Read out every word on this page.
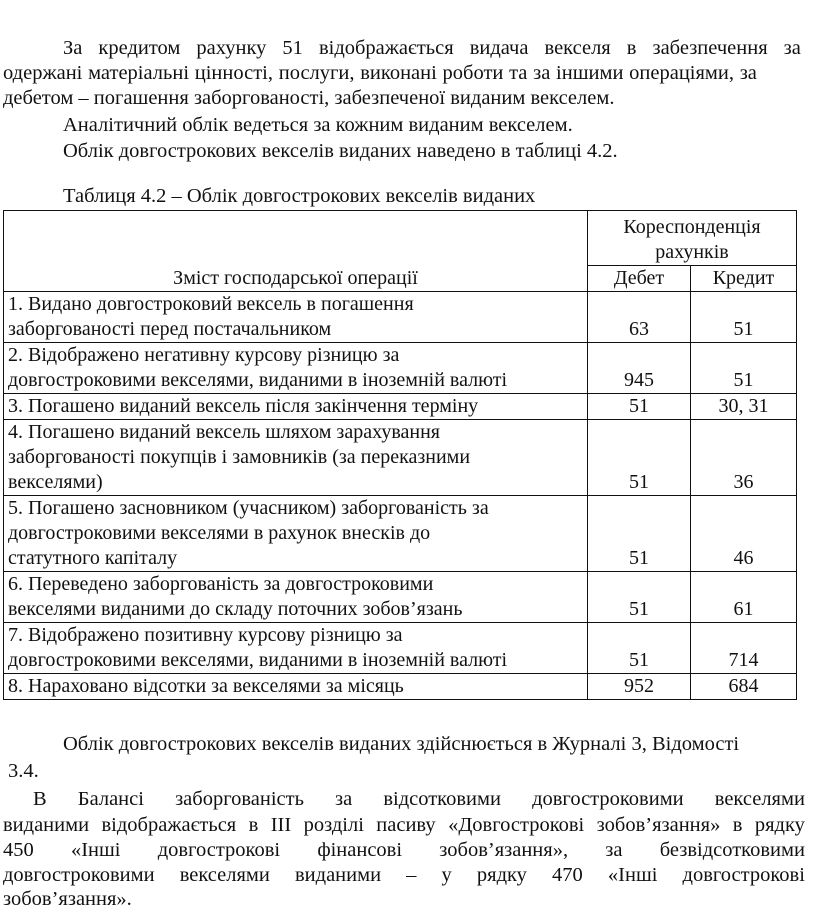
За кредитом рахунку 51 відображається видача векселя в забезпечення за
одержані матеріальні цінності, послуги, виконані роботи та за іншими операціями, за
дебетом – погашення заборгованості, забезпеченої виданим векселем.
Аналітичний облік ведеться за кожним виданим векселем.
Облік довгострокових векселів виданих наведено в таблиці 4.2.
Таблиця 4.2 – Облік довгострокових векселів виданих
Зміст господарської операції	Кореспонденція
рахунків	
	Дебет	Кредит
1. Видано довгостроковий вексель в погашення
заборгованості перед постачальником	63	51
2. Відображено негативну курсову різницю за
довгостроковими векселями, виданими в іноземній валюті	945	51
3. Погашено виданий вексель після закінчення терміну	51	30, 31
4. Погашено виданий вексель шляхом зарахування
заборгованості покупців і замовників (за переказними
векселями)	51	36
5. Погашено засновником (учасником) заборгованість за
довгостроковими векселями в рахунок внесків до
статутного капіталу	51	46
6. Переведено заборгованість за довгостроковими
векселями виданими до складу поточних зобов’язань	51	61
7. Відображено позитивну курсову різницю за
довгостроковими векселями, виданими в іноземній валюті	51	714
8. Нараховано відсотки за векселями за місяць	952	684
Облік довгострокових векселів виданих здійснюється в Журналі 3, Відомості
3.4.
В Балансі заборгованість за відсотковими довгостроковими векселями
виданими відображається в ІІІ розділі пасиву «Довгострокові зобов’язання» в рядку
450 «Інші довгострокові фінансові зобов’язання», за безвідсотковими
довгостроковими векселями виданими – у рядку 470 «Інші довгострокові
зобов’язання».
